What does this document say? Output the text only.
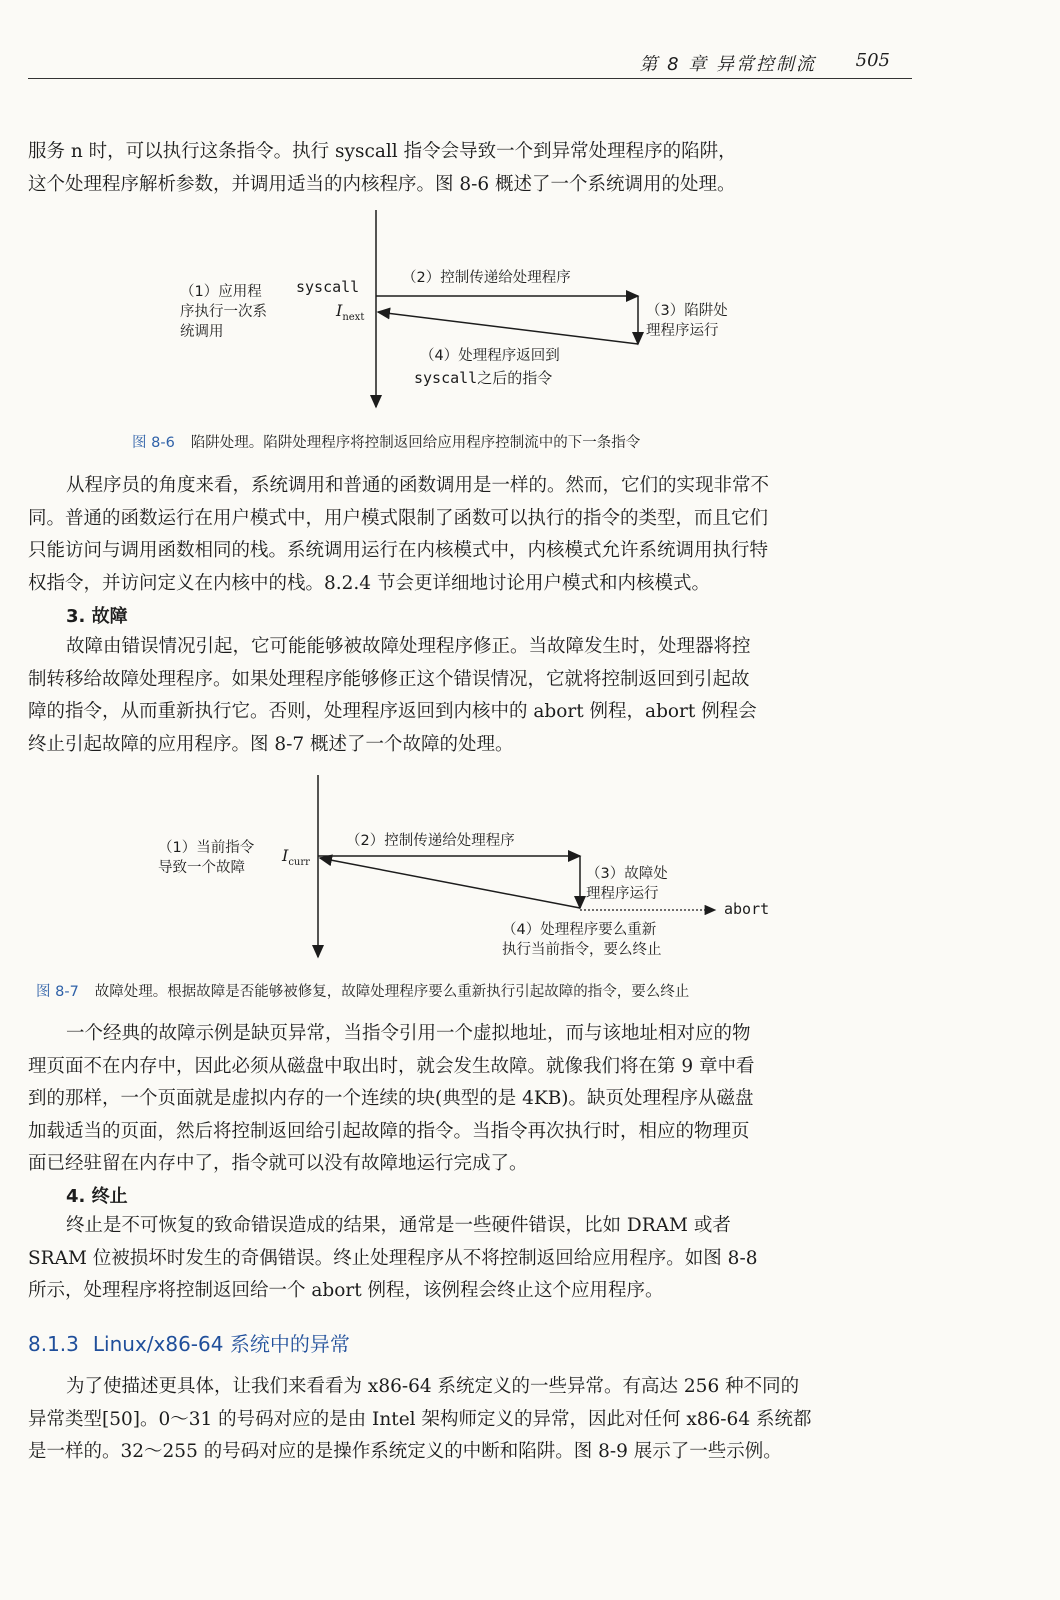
第 8 章 异常控制流 505

服务 n 时，可以执行这条指令。执行 syscall 指令会导致一个到异常处理程序的陷阱，
这个处理程序解析参数，并调用适当的内核程序。图 8-6 概述了一个系统调用的处理。

（1）应用程
序执行一次系
统调用
syscall
$I_{next}$
（2）控制传递给处理程序
（3）陷阱处
理程序运行
（4）处理程序返回到
syscall之后的指令
图 8-6 陷阱处理。陷阱处理程序将控制返回给应用程序控制流中的下一条指令

从程序员的角度来看，系统调用和普通的函数调用是一样的。然而，它们的实现非常不
同。普通的函数运行在用户模式中，用户模式限制了函数可以执行的指令的类型，而且它们
只能访问与调用函数相同的栈。系统调用运行在内核模式中，内核模式允许系统调用执行特
权指令，并访问定义在内核中的栈。8.2.4 节会更详细地讨论用户模式和内核模式。

3. 故障

故障由错误情况引起，它可能能够被故障处理程序修正。当故障发生时，处理器将控
制转移给故障处理程序。如果处理程序能够修正这个错误情况，它就将控制返回到引起故
障的指令，从而重新执行它。否则，处理程序返回到内核中的 abort 例程，abort 例程会
终止引起故障的应用程序。图 8-7 概述了一个故障的处理。

（1）当前指令
导致一个故障
$I_{curr}$
（2）控制传递给处理程序
（3）故障处
理程序运行
abort
（4）处理程序要么重新
执行当前指令，要么终止
图 8-7 故障处理。根据故障是否能够被修复，故障处理程序要么重新执行引起故障的指令，要么终止

一个经典的故障示例是缺页异常，当指令引用一个虚拟地址，而与该地址相对应的物
理页面不在内存中，因此必须从磁盘中取出时，就会发生故障。就像我们将在第 9 章中看
到的那样，一个页面就是虚拟内存的一个连续的块(典型的是 4KB)。缺页处理程序从磁盘
加载适当的页面，然后将控制返回给引起故障的指令。当指令再次执行时，相应的物理页
面已经驻留在内存中了，指令就可以没有故障地运行完成了。

4. 终止

终止是不可恢复的致命错误造成的结果，通常是一些硬件错误，比如 DRAM 或者
SRAM 位被损坏时发生的奇偶错误。终止处理程序从不将控制返回给应用程序。如图 8-8
所示，处理程序将控制返回给一个 abort 例程，该例程会终止这个应用程序。

8.1.3 Linux/x86-64 系统中的异常

为了使描述更具体，让我们来看看为 x86-64 系统定义的一些异常。有高达 256 种不同的
异常类型[50]。0～31 的号码对应的是由 Intel 架构师定义的异常，因此对任何 x86-64 系统都
是一样的。32～255 的号码对应的是操作系统定义的中断和陷阱。图 8-9 展示了一些示例。
